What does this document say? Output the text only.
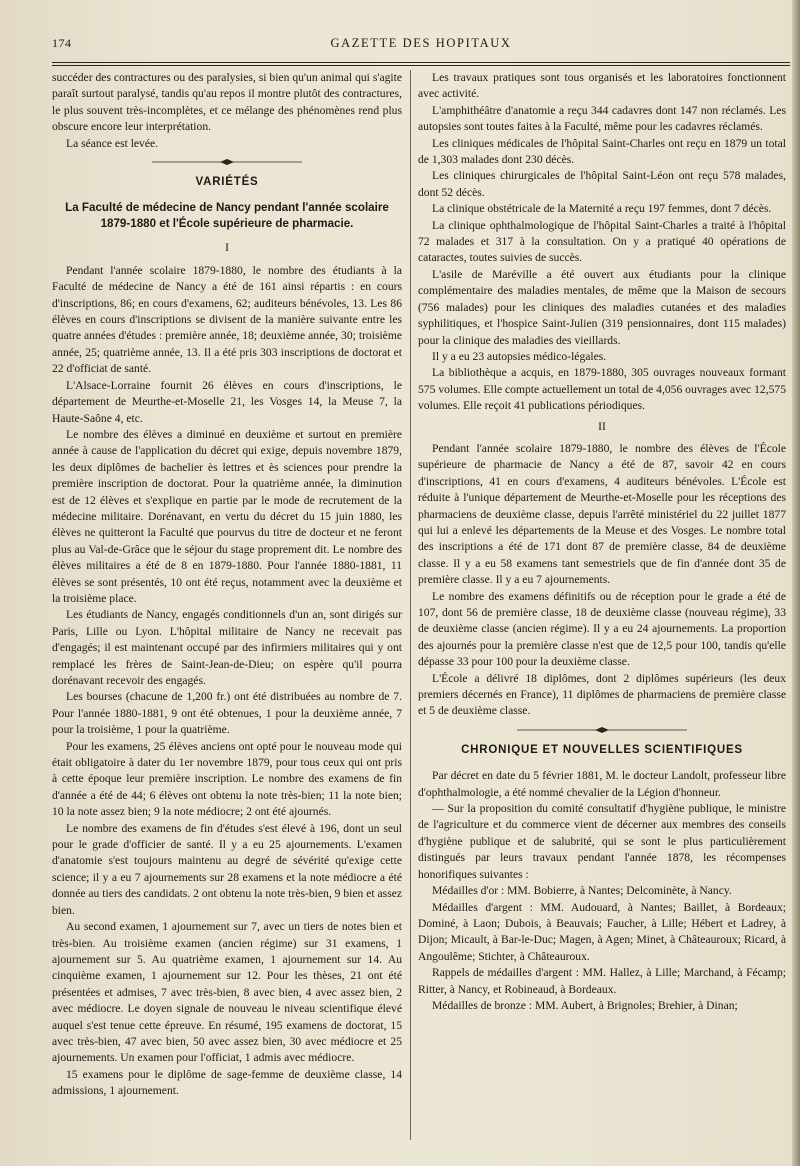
174	GAZETTE DES HOPITAUX

succéder des contractures ou des paralysies, si bien qu'un animal qui s'agite paraît surtout paralysé, tandis qu'au repos il montre plutôt des contractures, le plus souvent très-incomplètes, et ce mélange des phénomènes rend plus obscure encore leur interprétation.

La séance est levée.

VARIÉTÉS
La Faculté de médecine de Nancy pendant l'année scolaire 1879-1880 et l'École supérieure de pharmacie.
I

Pendant l'année scolaire 1879-1880, le nombre des étudiants à la Faculté de médecine de Nancy a été de 161 ainsi répartis : en cours d'inscriptions, 86; en cours d'examens, 62; auditeurs bénévoles, 13. Les 86 élèves en cours d'inscriptions se divisent de la manière suivante entre les quatre années d'études : première année, 18; deuxième année, 30; troisième année, 25; quatrième année, 13. Il a été pris 303 inscriptions de doctorat et 22 d'officiat de santé.

L'Alsace-Lorraine fournit 26 élèves en cours d'inscriptions, le département de Meurthe-et-Moselle 21, les Vosges 14, la Meuse 7, la Haute-Saône 4, etc.

Le nombre des élèves a diminué en deuxième et surtout en première année à cause de l'application du décret qui exige, depuis novembre 1879, les deux diplômes de bachelier ès lettres et ès sciences pour prendre la première inscription de doctorat. Pour la quatrième année, la diminution est de 12 élèves et s'explique en partie par le mode de recrutement de la médecine militaire. Dorénavant, en vertu du décret du 15 juin 1880, les élèves ne quitteront la Faculté que pourvus du titre de docteur et ne feront plus au Val-de-Grâce que le séjour du stage proprement dit. Le nombre des élèves militaires a été de 8 en 1879-1880. Pour l'année 1880-1881, 11 élèves se sont présentés, 10 ont été reçus, notamment avec la deuxième et la troisième place.

Les étudiants de Nancy, engagés conditionnels d'un an, sont dirigés sur Paris, Lille ou Lyon. L'hôpital militaire de Nancy ne recevait pas d'engagés; il est maintenant occupé par des infirmiers militaires qui y ont remplacé les frères de Saint-Jean-de-Dieu; on espère qu'il pourra dorénavant recevoir des engagés.

Les bourses (chacune de 1,200 fr.) ont été distribuées au nombre de 7. Pour l'année 1880-1881, 9 ont été obtenues, 1 pour la deuxième année, 7 pour la troisième, 1 pour la quatrième.

Pour les examens, 25 élèves anciens ont opté pour le nouveau mode qui était obligatoire à dater du 1er novembre 1879, pour tous ceux qui ont pris à cette époque leur première inscription. Le nombre des examens de fin d'année a été de 44; 6 élèves ont obtenu la note très-bien; 11 la note bien; 10 la note assez bien; 9 la note médiocre; 2 ont été ajournés.

Le nombre des examens de fin d'études s'est élevé à 196, dont un seul pour le grade d'officier de santé. Il y a eu 25 ajournements. L'examen d'anatomie s'est toujours maintenu au degré de sévérité qu'exige cette science; il y a eu 7 ajournements sur 28 examens et la note médiocre a été donnée au tiers des candidats. 2 ont obtenu la note très-bien, 9 bien et assez bien.

Au second examen, 1 ajournement sur 7, avec un tiers de notes bien et très-bien. Au troisième examen (ancien régime) sur 31 examens, 1 ajournement sur 5. Au quatrième examen, 1 ajournement sur 14. Au cinquième examen, 1 ajournement sur 12. Pour les thèses, 21 ont été présentées et admises, 7 avec très-bien, 8 avec bien, 4 avec assez bien, 2 avec médiocre. Le doyen signale de nouveau le niveau scientifique élevé auquel s'est tenue cette épreuve. En résumé, 195 examens de doctorat, 15 avec très-bien, 47 avec bien, 50 avec assez bien, 30 avec médiocre et 25 ajournements. Un examen pour l'officiat, 1 admis avec médiocre.

15 examens pour le diplôme de sage-femme de deuxième classe, 14 admissions, 1 ajournement.

Les travaux pratiques sont tous organisés et les laboratoires fonctionnent avec activité.

L'amphithéâtre d'anatomie a reçu 344 cadavres dont 147 non réclamés. Les autopsies sont toutes faites à la Faculté, même pour les cadavres réclamés.

Les cliniques médicales de l'hôpital Saint-Charles ont reçu en 1879 un total de 1,303 malades dont 230 décès.

Les cliniques chirurgicales de l'hôpital Saint-Léon ont reçu 578 malades, dont 52 décès.

La clinique obstétricale de la Maternité a reçu 197 femmes, dont 7 décès.

La clinique ophthalmologique de l'hôpital Saint-Charles a traité à l'hôpital 72 malades et 317 à la consultation. On y a pratiqué 40 opérations de cataractes, toutes suivies de succès.

L'asile de Maréville a été ouvert aux étudiants pour la clinique complémentaire des maladies mentales, de même que la Maison de secours (756 malades) pour les cliniques des maladies cutanées et des maladies syphilitiques, et l'hospice Saint-Julien (319 pensionnaires, dont 115 malades) pour la clinique des maladies des vieillards.

Il y a eu 23 autopsies médico-légales.

La bibliothèque a acquis, en 1879-1880, 305 ouvrages nouveaux formant 575 volumes. Elle compte actuellement un total de 4,056 ouvrages avec 12,575 volumes. Elle reçoit 41 publications périodiques.

II

Pendant l'année scolaire 1879-1880, le nombre des élèves de l'École supérieure de pharmacie de Nancy a été de 87, savoir 42 en cours d'inscriptions, 41 en cours d'examens, 4 auditeurs bénévoles. L'École est réduite à l'unique département de Meurthe-et-Moselle pour les réceptions des pharmaciens de deuxième classe, depuis l'arrêté ministériel du 22 juillet 1877 qui lui a enlevé les départements de la Meuse et des Vosges. Le nombre total des inscriptions a été de 171 dont 87 de première classe, 84 de deuxième classe. Il y a eu 58 examens tant semestriels que de fin d'année dont 35 de première classe. Il y a eu 7 ajournements.

Le nombre des examens définitifs ou de réception pour le grade a été de 107, dont 56 de première classe, 18 de deuxième classe (nouveau régime), 33 de deuxième classe (ancien régime). Il y a eu 24 ajournements. La proportion des ajournés pour la première classe n'est que de 12,5 pour 100, tandis qu'elle dépasse 33 pour 100 pour la deuxième classe.

L'École a délivré 18 diplômes, dont 2 diplômes supérieurs (les deux premiers décernés en France), 11 diplômes de pharmaciens de première classe et 5 de deuxième classe.

CHRONIQUE ET NOUVELLES SCIENTIFIQUES

Par décret en date du 5 février 1881, M. le docteur Landolt, professeur libre d'ophthalmologie, a été nommé chevalier de la Légion d'honneur.

— Sur la proposition du comité consultatif d'hygiène publique, le ministre de l'agriculture et du commerce vient de décerner aux membres des conseils d'hygiène publique et de salubrité, qui se sont le plus particulièrement distingués par leurs travaux pendant l'année 1878, les récompenses honorifiques suivantes :

Médailles d'or : MM. Bobierre, à Nantes; Delcominète, à Nancy.

Médailles d'argent : MM. Audouard, à Nantes; Baillet, à Bordeaux; Dominé, à Laon; Dubois, à Beauvais; Faucher, à Lille; Hébert et Ladrey, à Dijon; Micault, à Bar-le-Duc; Magen, à Agen; Minet, à Châteauroux; Ricard, à Angoulême; Stichter, à Châteauroux.

Rappels de médailles d'argent : MM. Hallez, à Lille; Marchand, à Fécamp; Ritter, à Nancy, et Robineaud, à Bordeaux.

Médailles de bronze : MM. Aubert, à Brignoles; Brehier, à Dinan;
